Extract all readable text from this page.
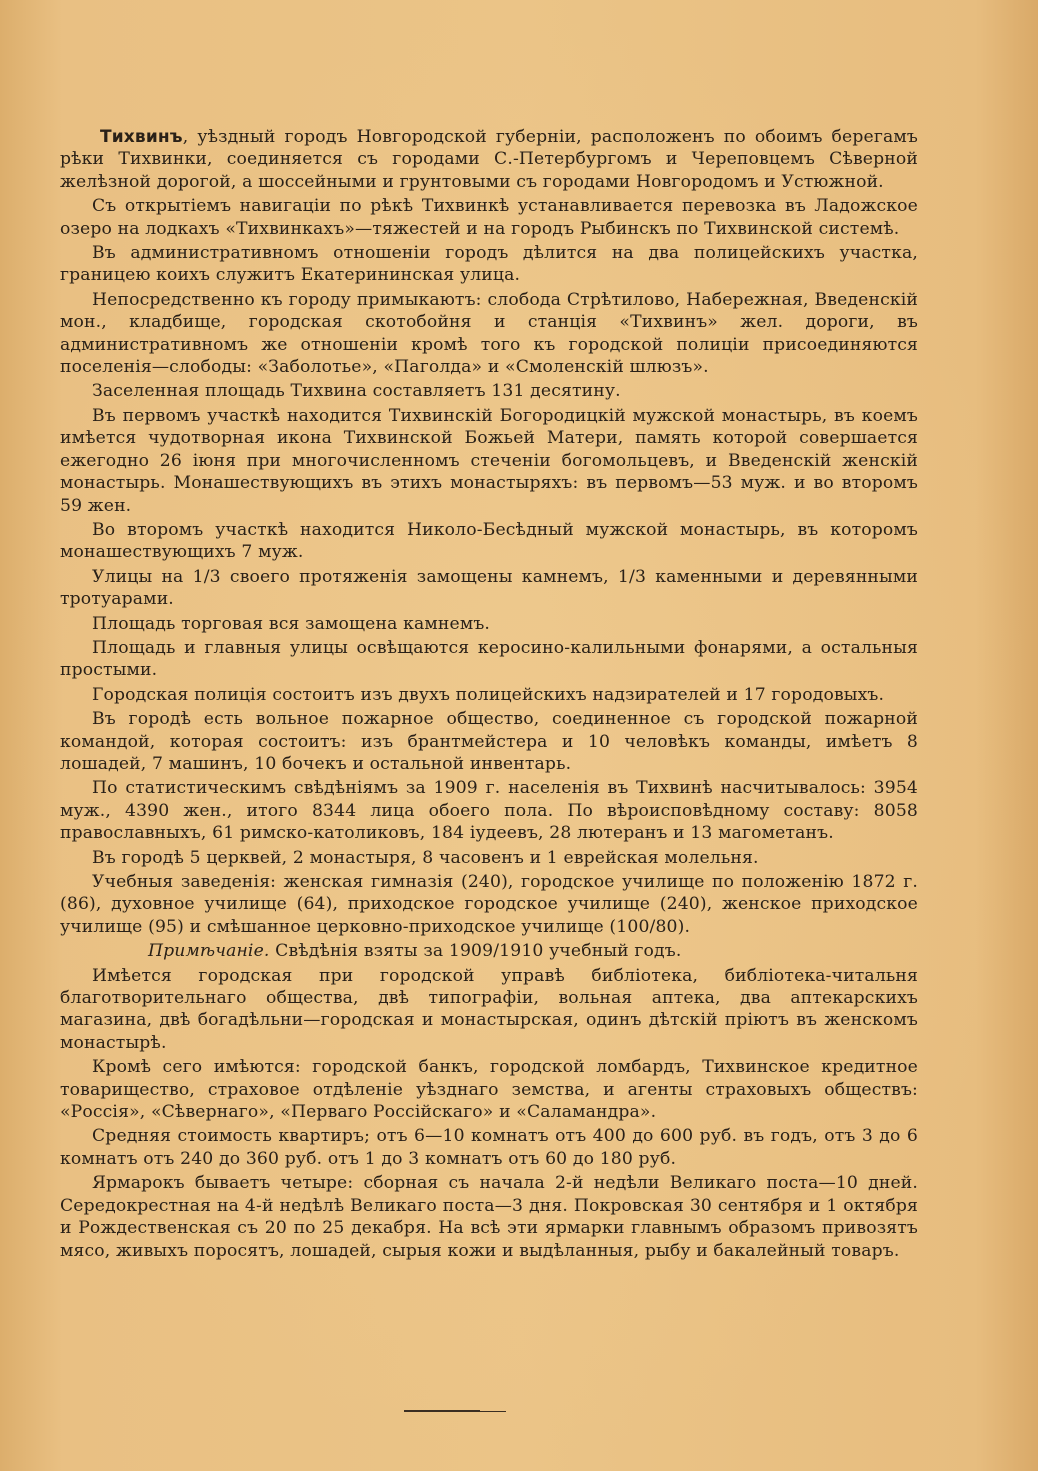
Тихвинъ, уѣздный городъ Новгородской губерніи, расположенъ по обоимъ берегамъ рѣки Тихвинки, соединяется съ городами С.-Петербургомъ и Череповцемъ Сѣверной желѣзной дорогой, а шоссейными и грунтовыми съ городами Новгородомъ и Устюжной.

Съ открытіемъ навигаціи по рѣкѣ Тихвинкѣ устанавливается перевозка въ Ладожское озеро на лодкахъ «Тихвинкахъ»—тяжестей и на городъ Рыбинскъ по Тихвинской системѣ.

Въ административномъ отношеніи городъ дѣлится на два полицейскихъ участка, границею коихъ служитъ Екатерининская улица.

Непосредственно къ городу примыкаютъ: слобода Стрѣтилово, Набережная, Введенскій мон., кладбище, городская скотобойня и станція «Тихвинъ» жел. дороги, въ административномъ же отношеніи кромѣ того къ городской полиціи присоединяются поселенія—слободы: «Заболотье», «Паголда» и «Смоленскій шлюзъ».

Заселенная площадь Тихвина составляетъ 131 десятину.

Въ первомъ участкѣ находится Тихвинскій Богородицкій мужской монастырь, въ коемъ имѣется чудотворная икона Тихвинской Божьей Матери, память которой совершается ежегодно 26 іюня при многочисленномъ стеченіи богомольцевъ, и Введенскій женскій монастырь. Монашествующихъ въ этихъ монастыряхъ: въ первомъ—53 муж. и во второмъ 59 жен.

Во второмъ участкѣ находится Николо-Бесѣдный мужской монастырь, въ которомъ монашествующихъ 7 муж.

Улицы на 1/3 своего протяженія замощены камнемъ, 1/3 каменными и деревянными тротуарами.

Площадь торговая вся замощена камнемъ.

Площадь и главныя улицы освѣщаются керосино-калильными фонарями, а остальныя простыми.

Городская полиція состоитъ изъ двухъ полицейскихъ надзирателей и 17 городовыхъ.

Въ городѣ есть вольное пожарное общество, соединенное съ городской пожарной командой, которая состоитъ: изъ брантмейстера и 10 человѣкъ команды, имѣетъ 8 лошадей, 7 машинъ, 10 бочекъ и остальной инвентарь.

По статистическимъ свѣдѣніямъ за 1909 г. населенія въ Тихвинѣ насчитывалось: 3954 муж., 4390 жен., итого 8344 лица обоего пола. По вѣроисповѣдному составу: 8058 православныхъ, 61 римско-католиковъ, 184 іудеевъ, 28 лютеранъ и 13 магометанъ.

Въ городѣ 5 церквей, 2 монастыря, 8 часовенъ и 1 еврейская молельня.

Учебныя заведенія: женская гимназія (240), городское училище по положенію 1872 г. (86), духовное училище (64), приходское городское училище (240), женское приходское училище (95) и смѣшанное церковно-приходское училище (100/80).

Примѣчаніе. Свѣдѣнія взяты за 1909/1910 учебный годъ.

Имѣется городская при городской управѣ библіотека, библіотека-читальня благотворительнаго общества, двѣ типографіи, вольная аптека, два аптекарскихъ магазина, двѣ богадѣльни—городская и монастырская, одинъ дѣтскій пріютъ въ женскомъ монастырѣ.

Кромѣ сего имѣются: городской банкъ, городской ломбардъ, Тихвинское кредитное товарищество, страховое отдѣленіе уѣзднаго земства, и агенты страховыхъ обществъ: «Россія», «Сѣвернаго», «Перваго Россійскаго» и «Саламандра».

Средняя стоимость квартиръ; отъ 6—10 комнатъ отъ 400 до 600 руб. въ годъ, отъ 3 до 6 комнатъ отъ 240 до 360 руб. отъ 1 до 3 комнатъ отъ 60 до 180 руб.

Ярмарокъ бываетъ четыре: сборная съ начала 2-й недѣли Великаго поста—10 дней. Середокрестная на 4-й недѣлѣ Великаго поста—3 дня. Покровская 30 сентября и 1 октября и Рождественская съ 20 по 25 декабря. На всѣ эти ярмарки главнымъ образомъ привозятъ мясо, живыхъ поросятъ, лошадей, сырыя кожи и выдѣланныя, рыбу и бакалейный товаръ.
